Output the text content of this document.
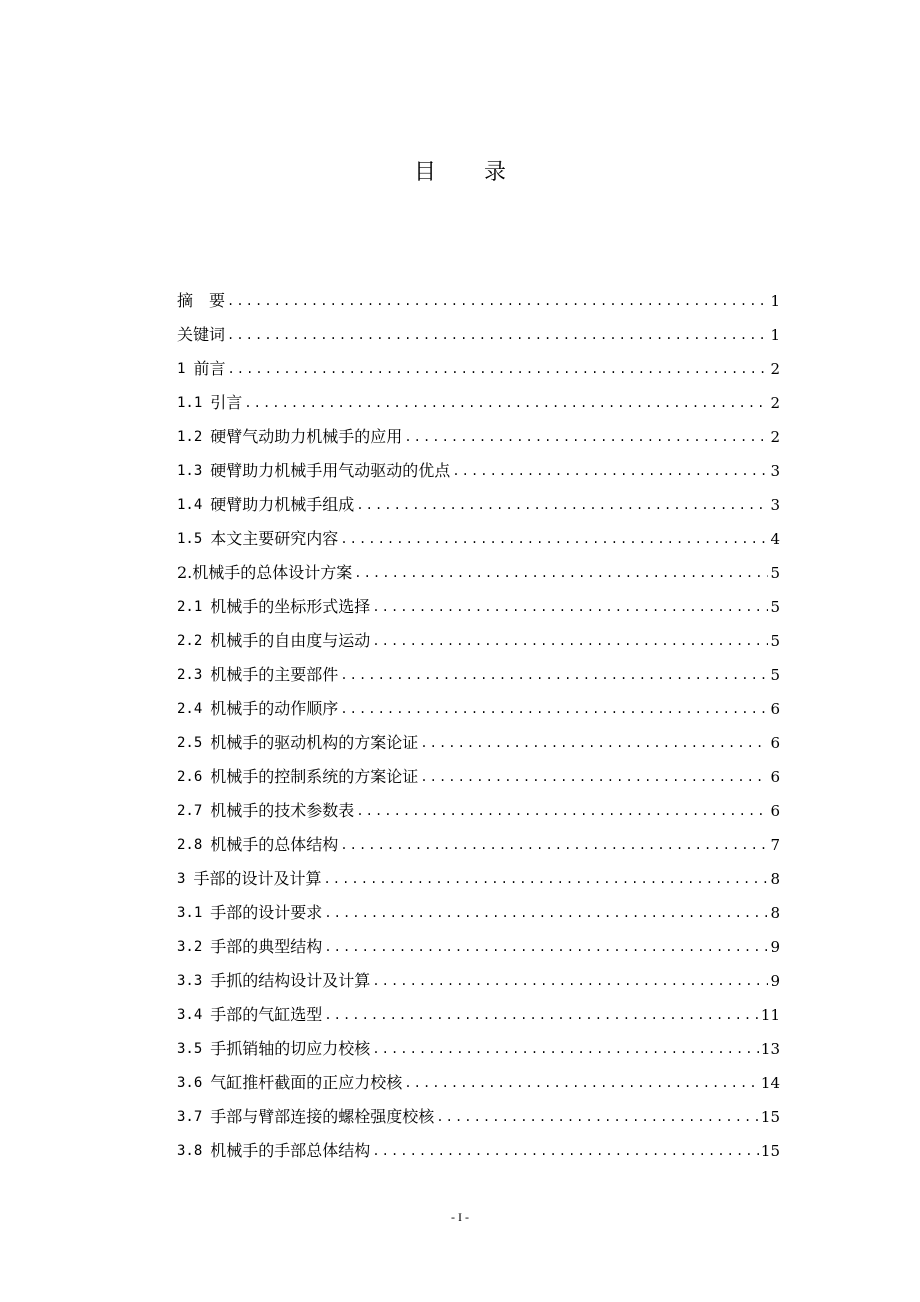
目 录
摘　要 .....	1
关键词 .....	1
1 前言 .....	2
1.1 引言 .....	2
1.2 硬臂气动助力机械手的应用 .....	2
1.3 硬臂助力机械手用气动驱动的优点 .....	3
1.4 硬臂助力机械手组成 .....	3
1.5 本文主要研究内容 .....	4
2.机械手的总体设计方案 .....	5
2.1 机械手的坐标形式选择 .....	5
2.2 机械手的自由度与运动 .....	5
2.3 机械手的主要部件 .....	5
2.4 机械手的动作顺序 .....	6
2.5 机械手的驱动机构的方案论证 .....	6
2.6 机械手的控制系统的方案论证 .....	6
2.7 机械手的技术参数表 .....	6
2.8 机械手的总体结构 .....	7
3 手部的设计及计算 .....	8
3.1 手部的设计要求 .....	8
3.2 手部的典型结构 .....	9
3.3 手抓的结构设计及计算 .....	9
3.4 手部的气缸选型 .....	11
3.5 手抓销轴的切应力校核 .....	13
3.6 气缸推杆截面的正应力校核 .....	14
3.7 手部与臂部连接的螺栓强度校核 .....	15
3.8 机械手的手部总体结构 .....	15
- I -
